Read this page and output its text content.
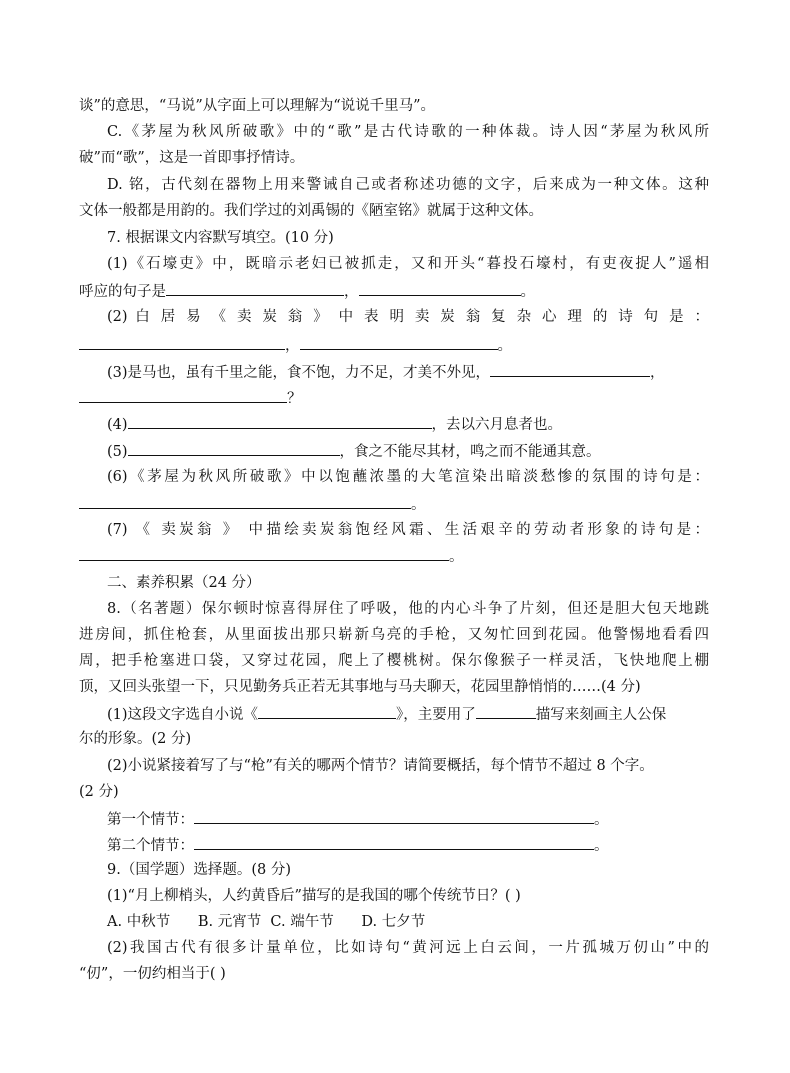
谈”的意思，“马说”从字面上可以理解为“说说千里马”。
C.《茅屋为秋风所破歌》中的“歌”是古代诗歌的一种体裁。诗人因“茅屋为秋风所
破”而“歌”，这是一首即事抒情诗。
D. 铭，古代刻在器物上用来警诫自己或者称述功德的文字，后来成为一种文体。这种
文体一般都是用韵的。我们学过的刘禹锡的《陋室铭》就属于这种文体。
7. 根据课文内容默写填空。(10 分)
(1)《石壕吏》中，既暗示老妇已被抓走，又和开头“暮投石壕村，有吏夜捉人”遥相
呼应的句子是	，	。
(2) 白 居 易 《 卖 炭 翁 》 中 表 明 卖 炭 翁 复 杂 心 理 的 诗 句 是 ：
，	。
(3)是马也，虽有千里之能，食不饱，力不足，才美不外见，	，
？
(4)	，去以六月息者也。
(5)	，食之不能尽其材，鸣之而不能通其意。
(6)《茅屋为秋风所破歌》中以饱蘸浓墨的大笔渲染出暗淡愁惨的氛围的诗句是：
。
(7) 《 卖炭翁 》 中描绘卖炭翁饱经风霜、生活艰辛的劳动者形象的诗句是：
。
二、素养积累（24 分）
8.（名著题）保尔顿时惊喜得屏住了呼吸，他的内心斗争了片刻，但还是胆大包天地跳
进房间，抓住枪套，从里面拔出那只崭新乌亮的手枪，又匆忙回到花园。他警惕地看看四
周，把手枪塞进口袋，又穿过花园，爬上了樱桃树。保尔像猴子一样灵活，飞快地爬上棚
顶，又回头张望一下，只见勤务兵正若无其事地与马夫聊天，花园里静悄悄的……(4 分)
(1)这段文字选自小说《	》，主要用了	描写来刻画主人公保
尔的形象。(2 分)
(2)小说紧接着写了与“枪”有关的哪两个情节？请简要概括，每个情节不超过 8 个字。
(2 分)
第一个情节：	。
第二个情节：	。
9.（国学题）选择题。(8 分)
(1)“月上柳梢头，人约黄昏后”描写的是我国的哪个传统节日？( )
A. 中秋节      B. 元宵节  C. 端午节      D. 七夕节
(2)我国古代有很多计量单位，比如诗句“黄河远上白云间，一片孤城万仞山”中的
“仞”，一仞约相当于( )
